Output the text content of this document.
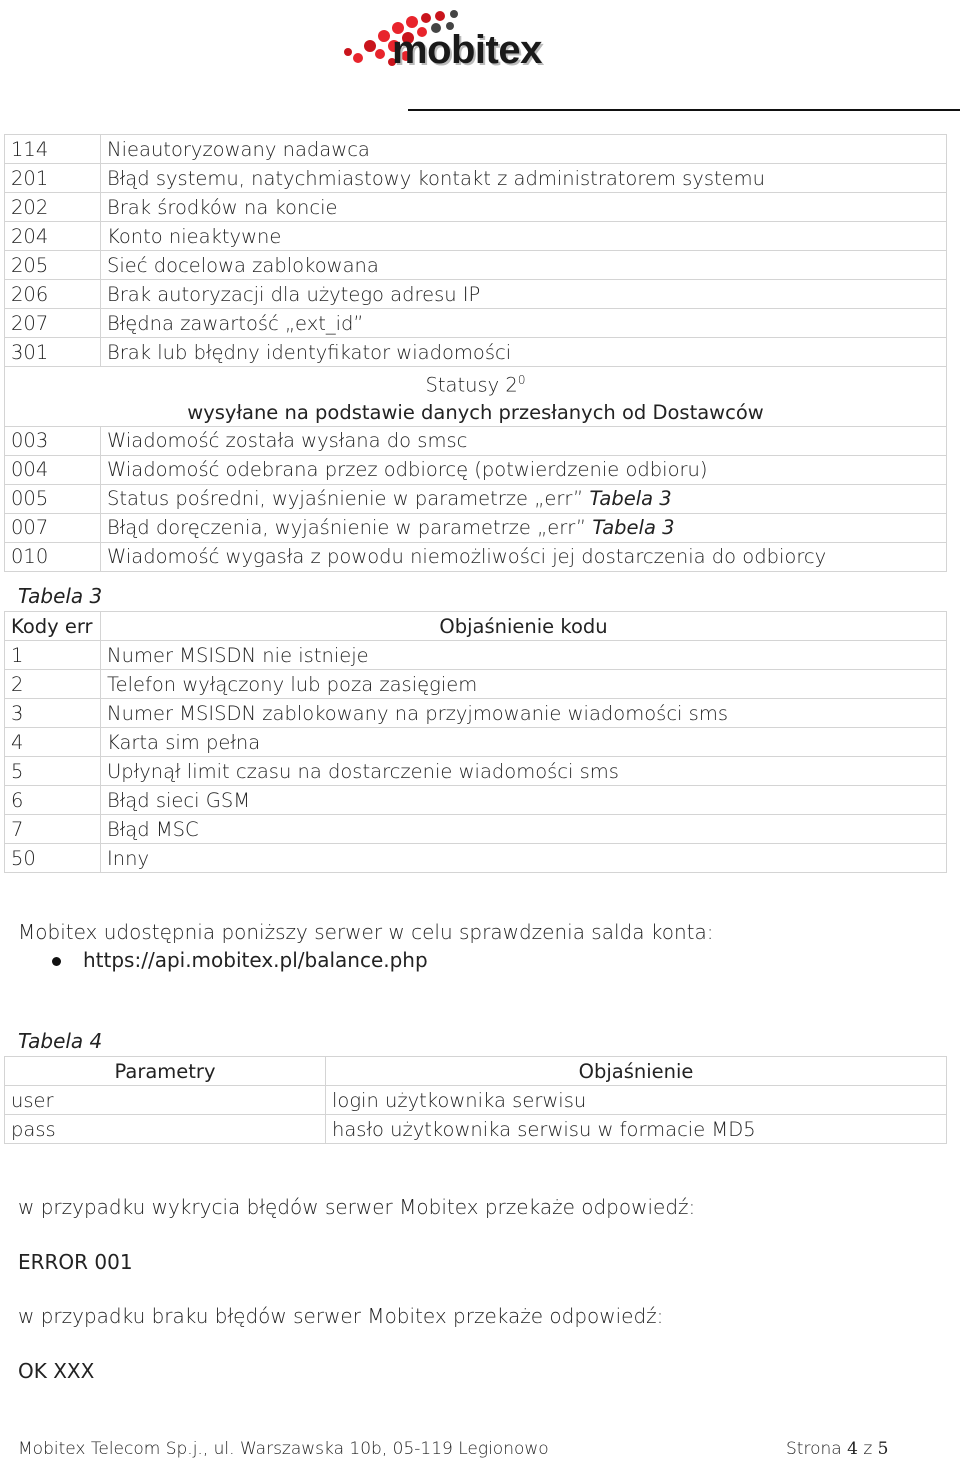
mobitex
114	Nieautoryzowany nadawca
201	Błąd systemu, natychmiastowy kontakt z administratorem systemu
202	Brak środków na koncie
204	Konto nieaktywne
205	Sieć docelowa zablokowana
206	Brak autoryzacji dla użytego adresu IP
207	Błędna zawartość „ext_id”
301	Brak lub błędny identyfikator wiadomości

Statusy $2^0$
wysyłane na podstawie danych przesłanych od Dostawców	

003	Wiadomość została wysłana do smsc
004	Wiadomość odebrana przez odbiorcę (potwierdzenie odbioru)
005	Status pośredni, wyjaśnienie w parametrze „err” Tabela 3
007	Błąd doręczenia, wyjaśnienie w parametrze „err” Tabela 3
010	Wiadomość wygasła z powodu niemożliwości jej dostarczenia do odbiorcy
Tabela 3
Kody err	Objaśnienie kodu
1	Numer MSISDN nie istnieje
2	Telefon wyłączony lub poza zasięgiem
3	Numer MSISDN zablokowany na przyjmowanie wiadomości sms
4	Karta sim pełna
5	Upłynął limit czasu na dostarczenie wiadomości sms
6	Błąd sieci GSM
7	Błąd MSC
50	Inny
Mobitex udostępnia poniższy serwer w celu sprawdzenia salda konta:
https://api.mobitex.pl/balance.php
Tabela 4
Parametry	Objaśnienie
user	login użytkownika serwisu
pass	hasło użytkownika serwisu w formacie MD5
w przypadku wykrycia błędów serwer Mobitex przekaże odpowiedź:
ERROR 001
w przypadku braku błędów serwer Mobitex przekaże odpowiedź:
OK XXX
Mobitex Telecom Sp.j., ul. Warszawska 10b, 05-119 Legionowo	Strona 4 z 5
